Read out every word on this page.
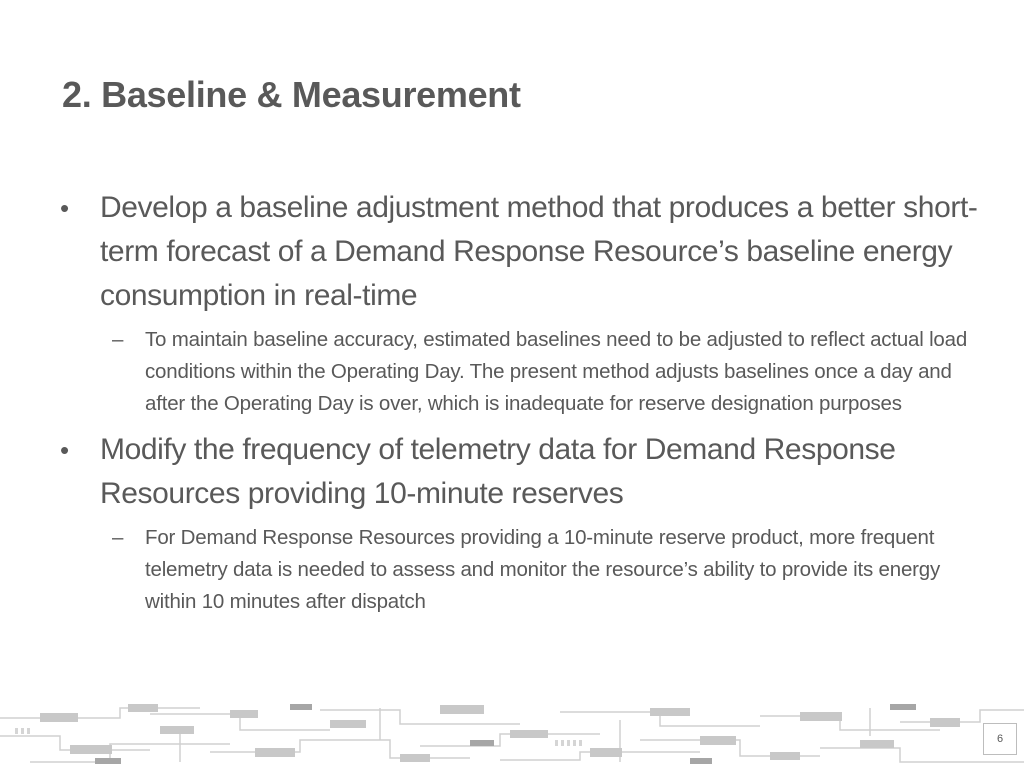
2. Baseline & Measurement
•	Develop a baseline adjustment method that produces a better short-term forecast of a Demand Response Resource’s baseline energy consumption in real-time
–	To maintain baseline accuracy, estimated baselines need to be adjusted to reflect actual load conditions within the Operating Day. The present method adjusts baselines once a day and after the Operating Day is over, which is inadequate for reserve designation purposes
•	Modify the frequency of telemetry data for Demand Response Resources providing 10-minute reserves
–	For Demand Response Resources providing a 10-minute reserve product, more frequent telemetry data is needed to assess and monitor the resource’s ability to provide its energy within 10 minutes after dispatch
6
